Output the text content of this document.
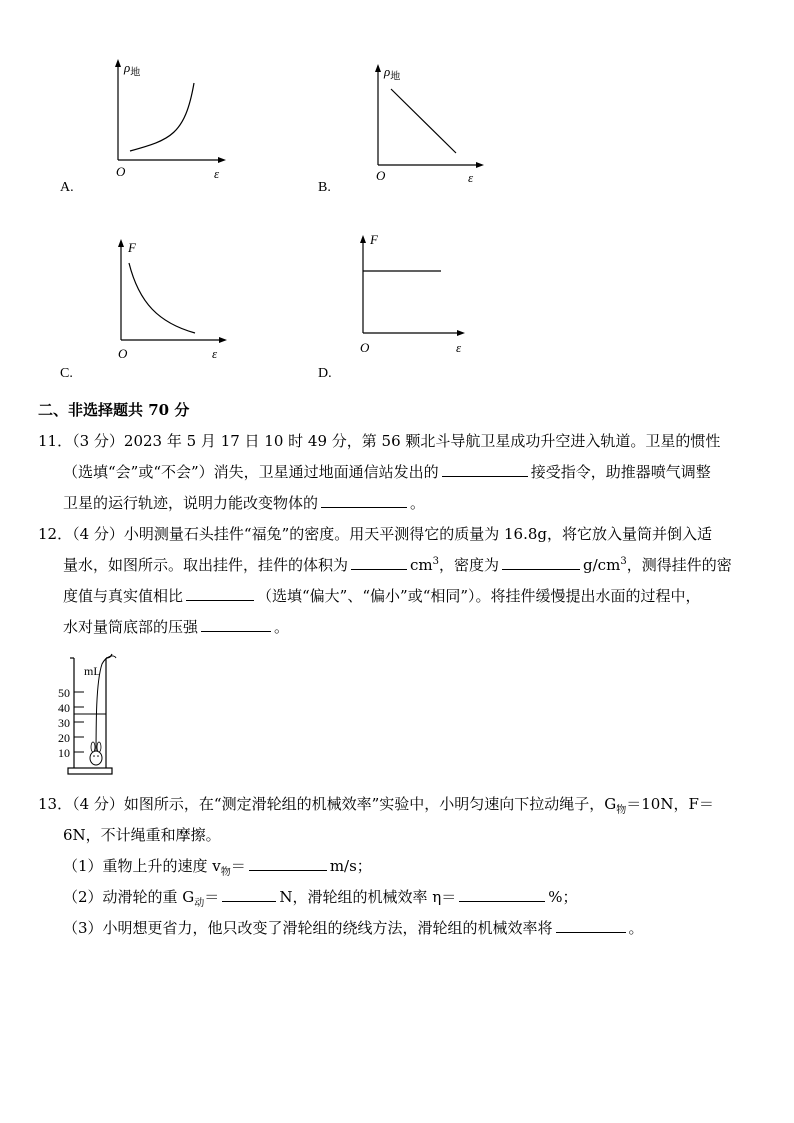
$\rho_地$
O	ε
A.
$\rho_地$
O	ε
B.
F
O	ε
C.
F
O	ε
D.
二、非选择题共 70 分
11．（3 分）2023 年 5 月 17 日 10 时 49 分，第 56 颗北斗导航卫星成功升空进入轨道。卫星的惯性
（选填“会”或“不会”）消失，卫星通过地面通信站发出的	接受指令，助推器喷气调整
卫星的运行轨迹，说明力能改变物体的	。
12．（4 分）小明测量石头挂件“福兔”的密度。用天平测得它的质量为 16.8g，将它放入量筒并倒入适
量水，如图所示。取出挂件，挂件的体积为	$cm^3$，密度为	$g/cm^3$，测得挂件的密
度值与真实值相比	（选填“偏大”、“偏小”或“相同”）。将挂件缓慢提出水面的过程中，
水对量筒底部的压强	。
mL
50
40
30
20
10
13．（4 分）如图所示，在“测定滑轮组的机械效率”实验中，小明匀速向下拉动绳子，$G_物=10N$，F＝
6N，不计绳重和摩擦。
（1）重物上升的速度 $v_物=$	m/s；
（2）动滑轮的重 $G_动=$	N，滑轮组的机械效率 η＝	%；
（3）小明想更省力，他只改变了滑轮组的绕线方法，滑轮组的机械效率将	。
